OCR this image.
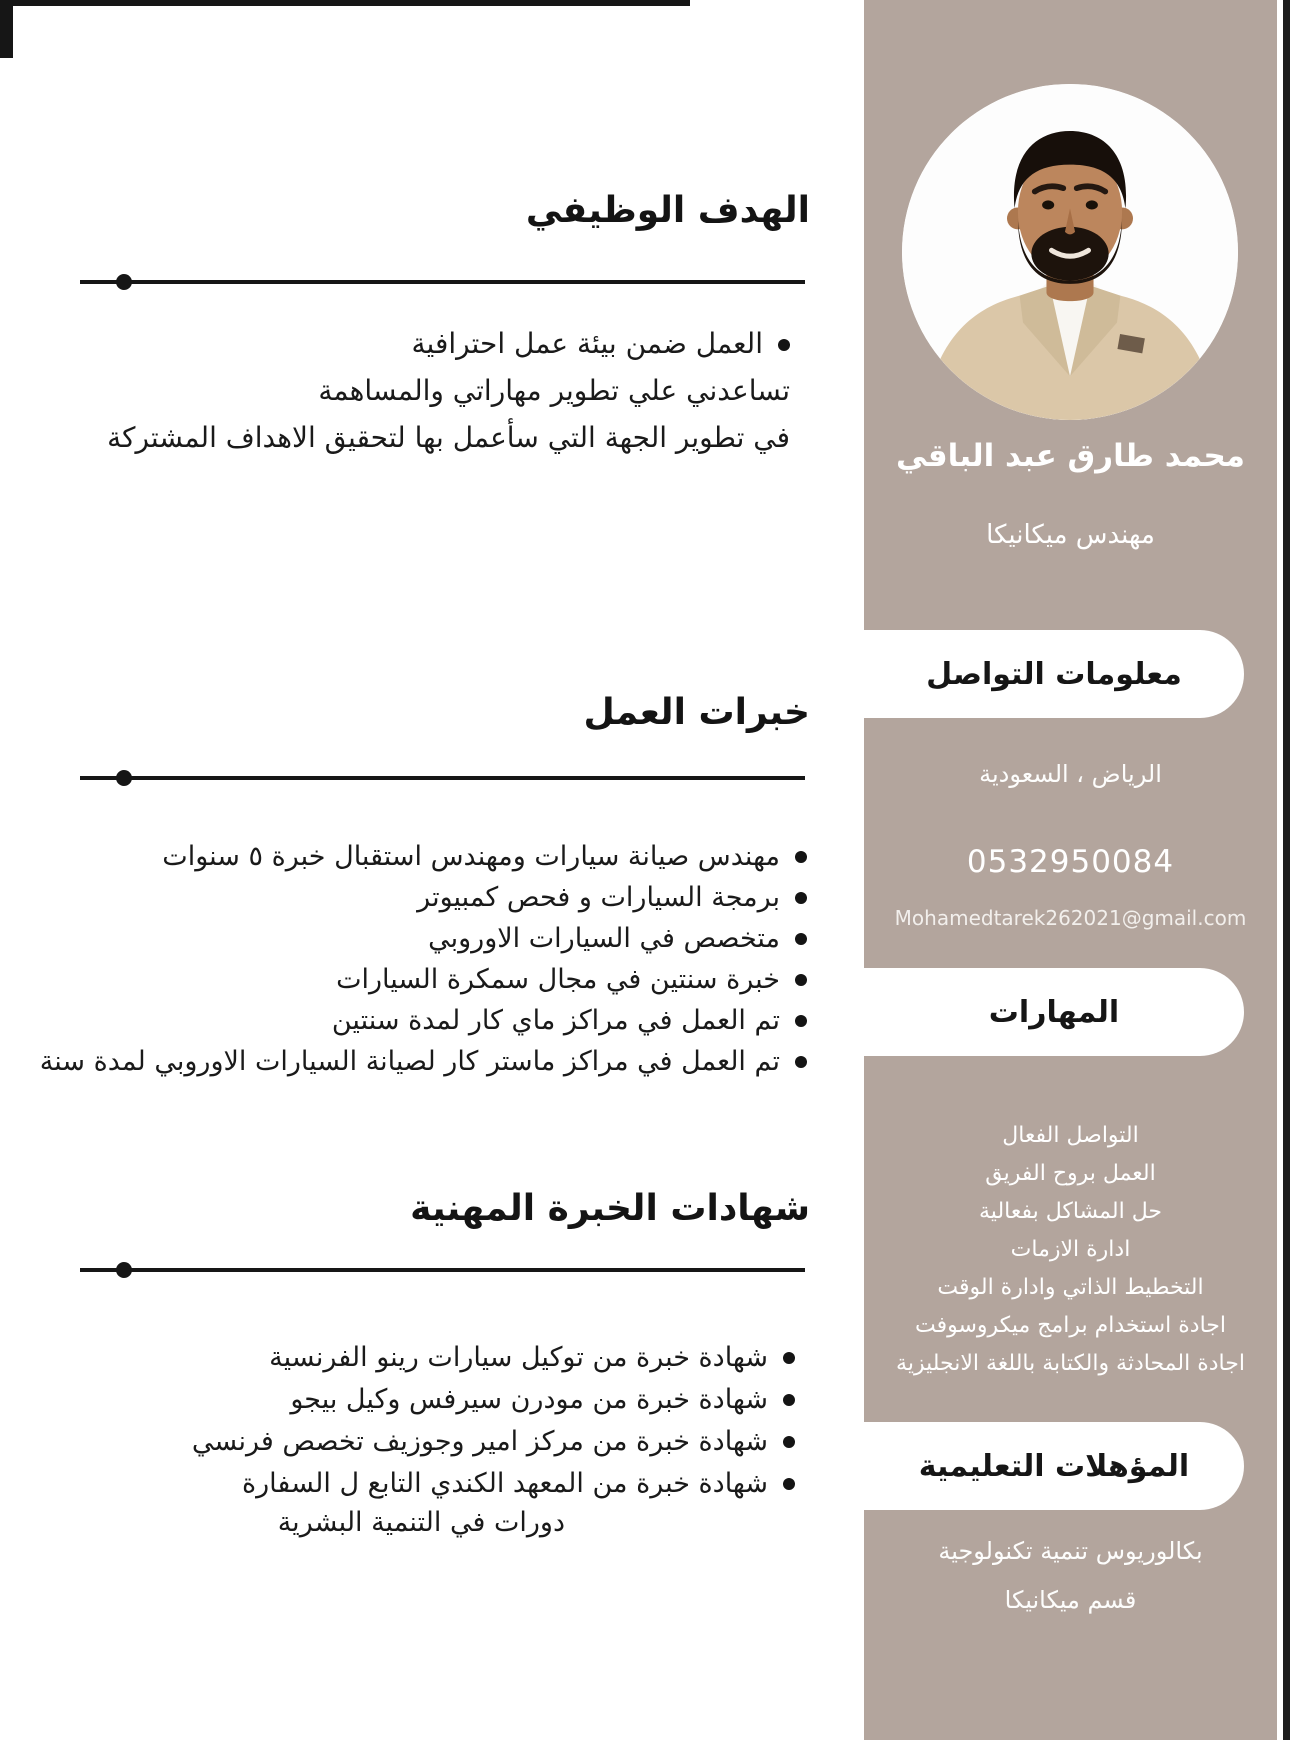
محمد طارق عبد الباقي
مهندس ميكانيكا
معلومات التواصل
الرياض ، السعودية
0532950084
Mohamedtarek262021@gmail.com
المهارات
التواصل الفعال
العمل بروح الفريق
حل المشاكل بفعالية
ادارة الازمات
التخطيط الذاتي وادارة الوقت
اجادة استخدام برامج ميكروسوفت
اجادة المحادثة والكتابة باللغة الانجليزية
المؤهلات التعليمية
بكالوريوس تنمية تكنولوجية
قسم ميكانيكا
الهدف الوظيفي
العمل ضمن بيئة عمل احترافية
تساعدني علي تطوير مهاراتي والمساهمة
في تطوير الجهة التي سأعمل بها لتحقيق الاهداف المشتركة
خبرات العمل
مهندس صيانة سيارات ومهندس استقبال خبرة ٥ سنوات
برمجة السيارات و فحص كمبيوتر
متخصص في السيارات الاوروبي
خبرة سنتين في مجال سمكرة السيارات
تم العمل في مراكز ماي كار لمدة سنتين
تم العمل في مراكز ماستر كار لصيانة السيارات الاوروبي لمدة سنة
شهادات الخبرة المهنية
شهادة خبرة من توكيل سيارات رينو الفرنسية
شهادة خبرة من مودرن سيرفس وكيل بيجو
شهادة خبرة من مركز امير وجوزيف تخصص فرنسي
شهادة خبرة من المعهد الكندي التابع ل السفارة
دورات في التنمية البشرية
